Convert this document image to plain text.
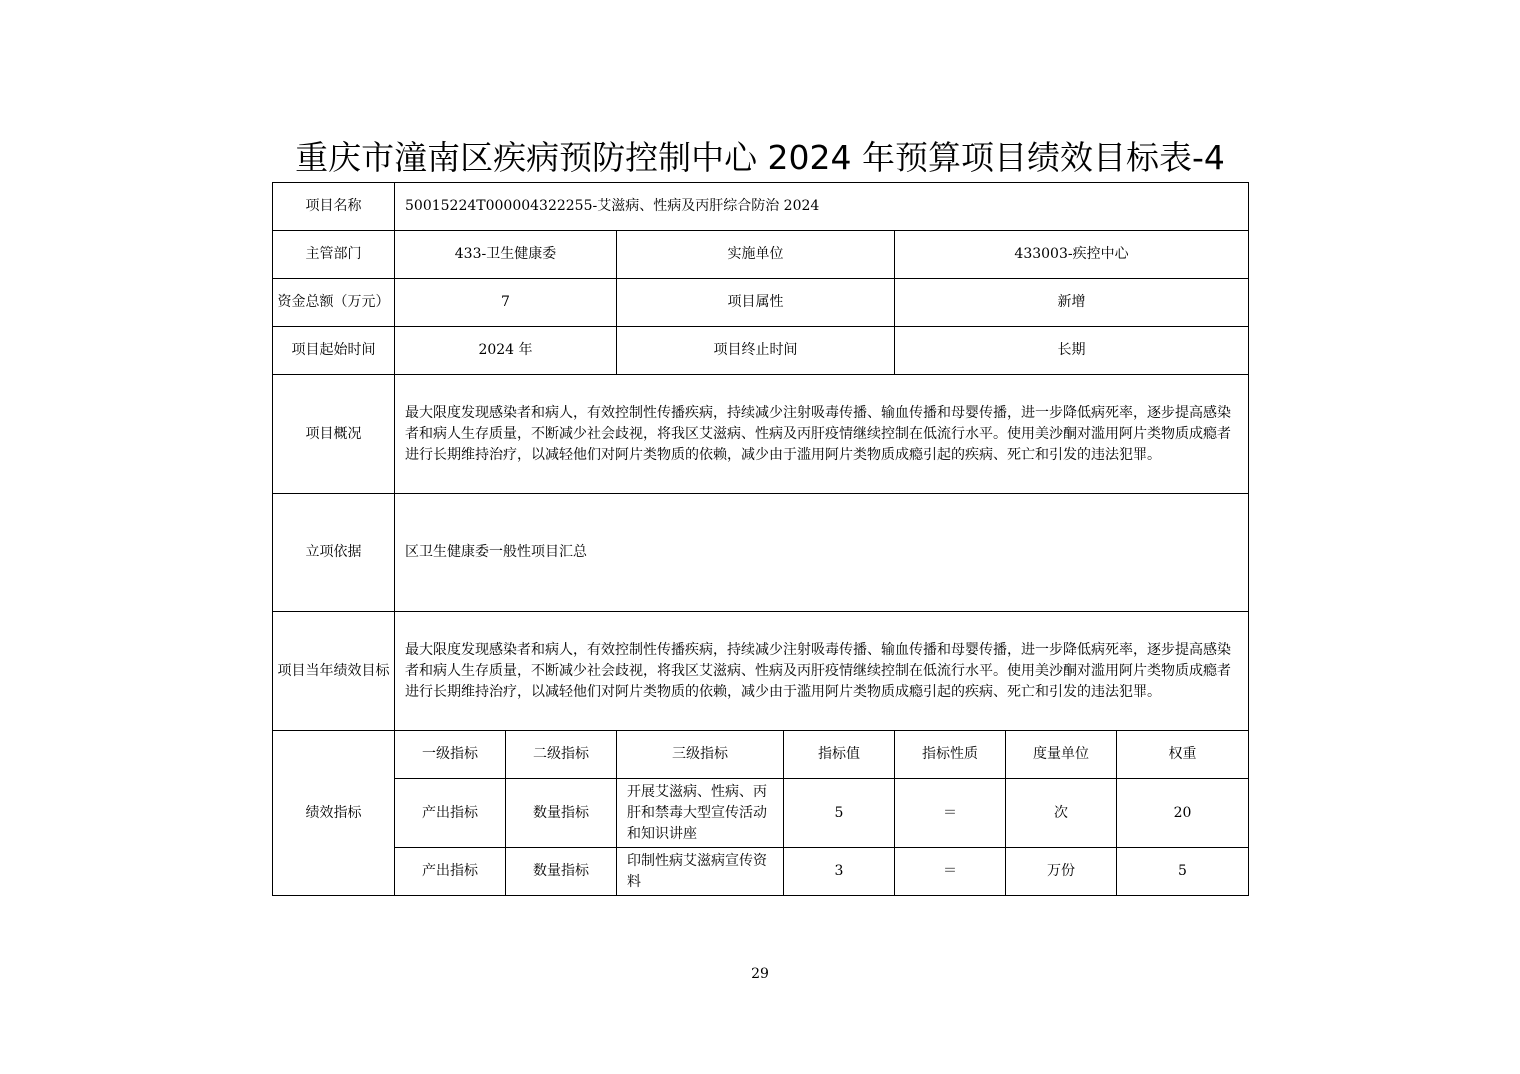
重庆市潼南区疾病预防控制中心 2024 年预算项目绩效目标表-4
项目名称	50015224T000004322255-艾滋病、性病及丙肝综合防治 2024						
主管部门	433-卫生健康委		实施单位		433003-疾控中心		
资金总额（万元）	7		项目属性		新增		
项目起始时间	2024 年		项目终止时间		长期		
项目概况	最大限度发现感染者和病人，有效控制性传播疾病，持续减少注射吸毒传播、输血传播和母婴传播，进一步降低病死率，逐步提高感染者和病人生存质量，不断减少社会歧视，将我区艾滋病、性病及丙肝疫情继续控制在低流行水平。使用美沙酮对滥用阿片类物质成瘾者进行长期维持治疗，以减轻他们对阿片类物质的依赖，减少由于滥用阿片类物质成瘾引起的疾病、死亡和引发的违法犯罪。						
立项依据	区卫生健康委一般性项目汇总						
项目当年绩效目标	最大限度发现感染者和病人，有效控制性传播疾病，持续减少注射吸毒传播、输血传播和母婴传播，进一步降低病死率，逐步提高感染者和病人生存质量，不断减少社会歧视，将我区艾滋病、性病及丙肝疫情继续控制在低流行水平。使用美沙酮对滥用阿片类物质成瘾者进行长期维持治疗，以减轻他们对阿片类物质的依赖，减少由于滥用阿片类物质成瘾引起的疾病、死亡和引发的违法犯罪。						
绩效指标	一级指标	二级指标	三级指标	指标值	指标性质	度量单位	权重
	产出指标	数量指标	开展艾滋病、性病、丙肝和禁毒大型宣传活动和知识讲座	5	＝	次	20
	产出指标	数量指标	印制性病艾滋病宣传资料	3	＝	万份	5
29
